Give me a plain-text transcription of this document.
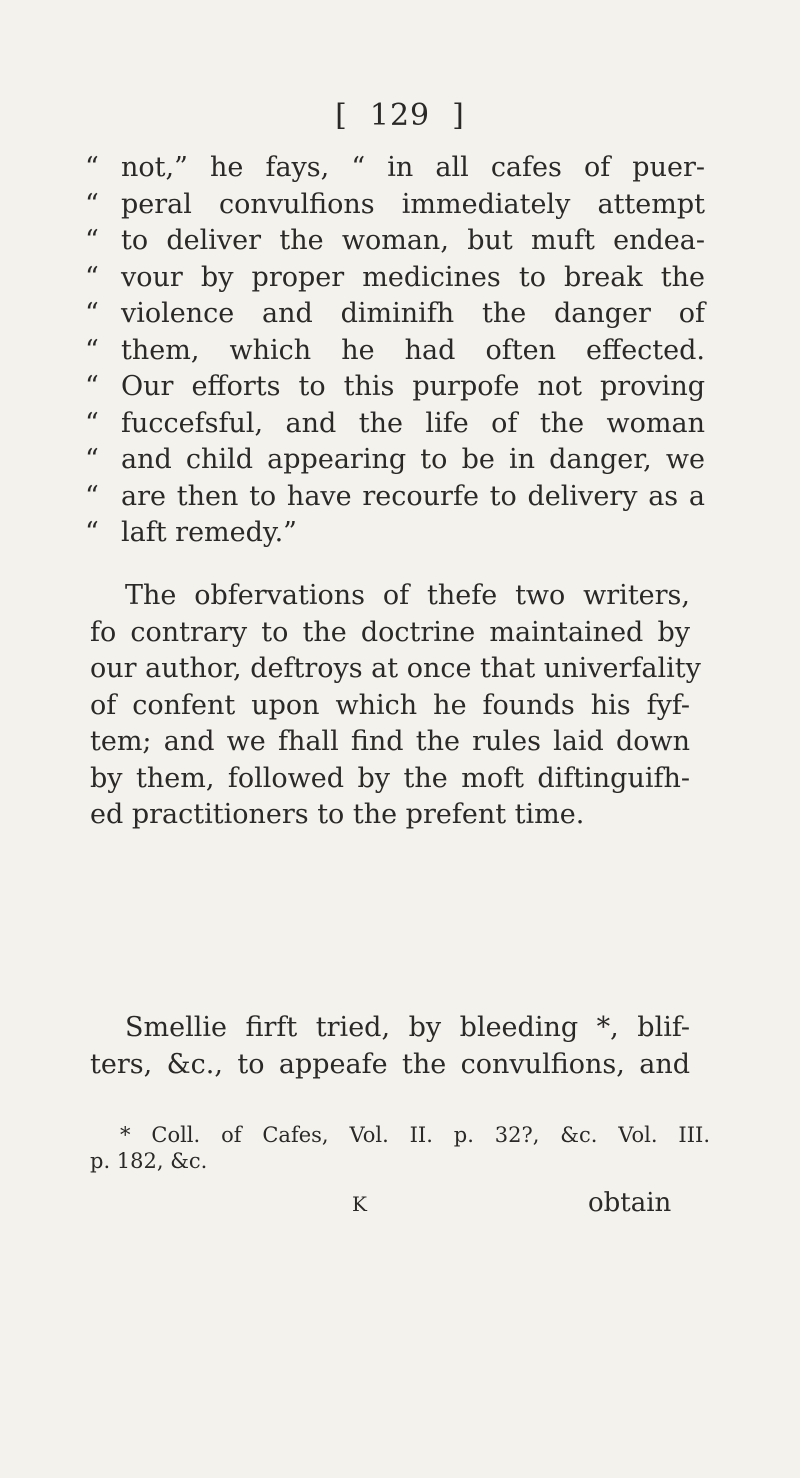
[ 129 ]
“ not,” he fays, “ in all cafes of puer-
“ peral convulfions immediately attempt
“ to deliver the woman, but muft endea-
“ vour by proper medicines to break the
“ violence and diminifh the danger of
“ them, which he had often effected.
“ Our efforts to this purpofe not proving
“ fuccefsful, and the life of the woman
“ and child appearing to be in danger, we
“ are then to have recourfe to delivery as a
“ laft remedy.”
The obfervations of thefe two writers,
fo contrary to the doctrine maintained by
our author, deftroys at once that univerfality
of confent upon which he founds his fyf-
tem; and we fhall find the rules laid down
by them, followed by the moft diftinguifh-
ed practitioners to the prefent time.
Smellie firft tried, by bleeding *, blif-
ters, &c., to appeafe the convulfions, and
* Coll. of Cafes, Vol. II. p. 32?, &c. Vol. III.
p. 182, &c.
K	obtain
